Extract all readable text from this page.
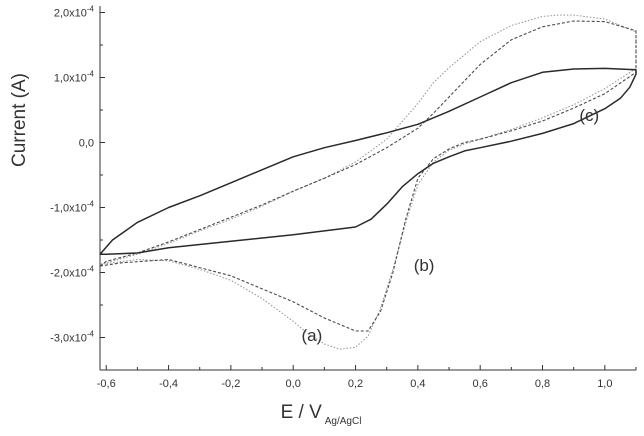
-0,6	-0,4	-0,2	0,0	0,2	0,4	0,6	0,8	1,0
$2,0x10^{-4}$
$1,0x10^{-4}$
0,0
$-1,0x10^{-4}$
$-2,0x10^{-4}$
$-3,0x10^{-4}$	(a)
(b)
(c)
Current (A)
E / V $_{Ag/AgCl}$
